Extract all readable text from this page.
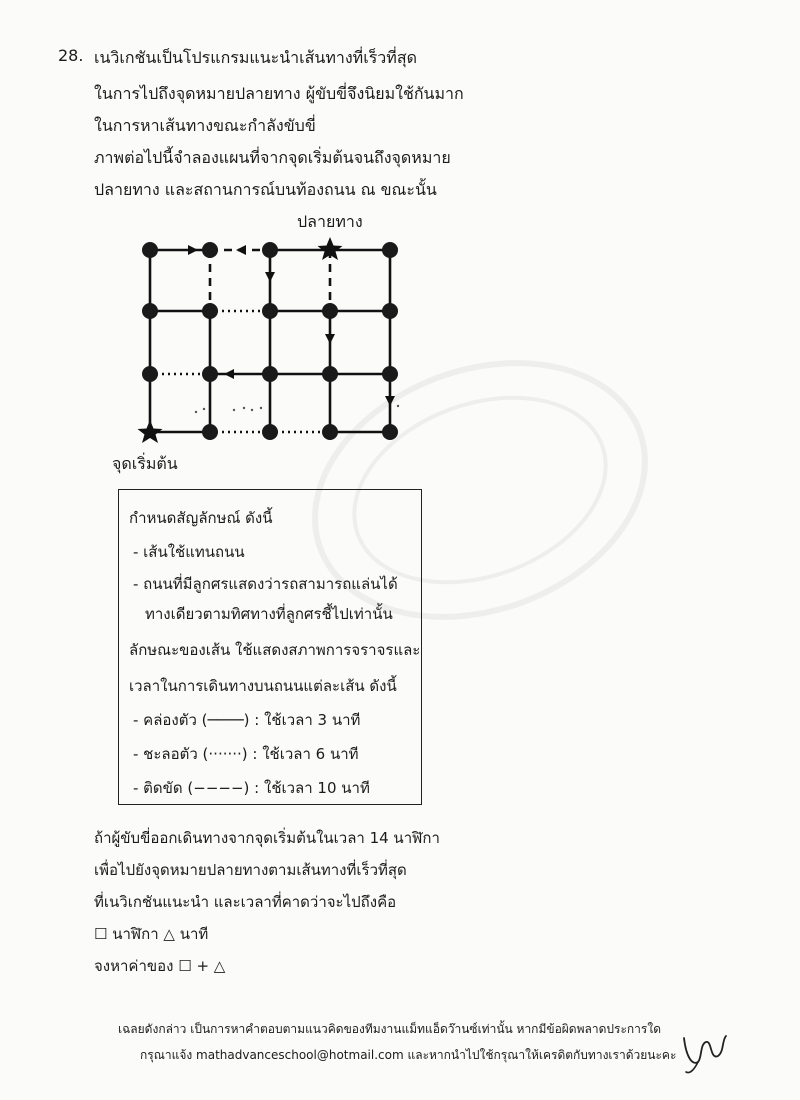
28. เนวิเกชันเป็นโปรแกรมแนะนำเส้นทางที่เร็วที่สุด
ในการไปถึงจุดหมายปลายทาง ผู้ขับขี่จึงนิยมใช้กันมาก
ในการหาเส้นทางขณะกำลังขับขี่
ภาพต่อไปนี้จำลองแผนที่จากจุดเริ่มต้นจนถึงจุดหมาย
ปลายทาง และสถานการณ์บนท้องถนน ณ ขณะนั้น
ปลายทาง
จุดเริ่มต้น
กำหนดสัญลักษณ์ ดังนี้
- เส้นใช้แทนถนน
- ถนนที่มีลูกศรแสดงว่ารถสามารถแล่นได้
ทางเดียวตามทิศทางที่ลูกศรชี้ไปเท่านั้น
ลักษณะของเส้น ใช้แสดงสภาพการจราจรและ
เวลาในการเดินทางบนถนนแต่ละเส้น ดังนี้
- คล่องตัว (────) : ใช้เวลา 3 นาที
- ชะลอตัว (·······) : ใช้เวลา 6 นาที
- ติดขัด (−−−−) : ใช้เวลา 10 นาที
ถ้าผู้ขับขี่ออกเดินทางจากจุดเริ่มต้นในเวลา 14 นาฬิกา
เพื่อไปยังจุดหมายปลายทางตามเส้นทางที่เร็วที่สุด
ที่เนวิเกชันแนะนำ และเวลาที่คาดว่าจะไปถึงคือ
☐ นาฬิกา △ นาที
จงหาค่าของ ☐ + △
เฉลยดังกล่าว เป็นการหาคำตอบตามแนวคิดของทีมงานแม็ทแอ็ดว๊านซ์เท่านั้น หากมีข้อผิดพลาดประการใด
กรุณาแจ้ง mathadvanceschool@hotmail.com และหากนำไปใช้กรุณาให้เครดิตกับทางเราด้วยนะคะ
